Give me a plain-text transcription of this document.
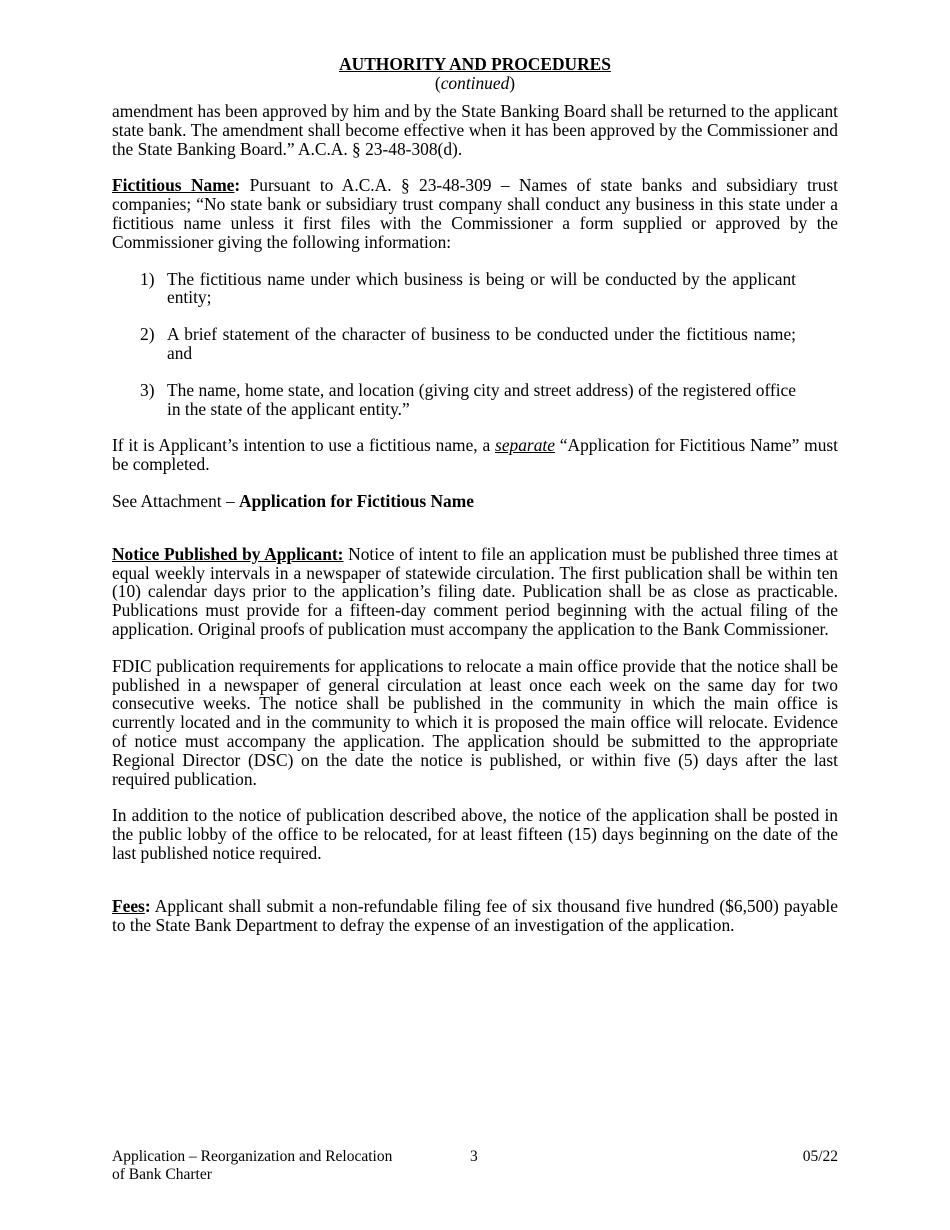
AUTHORITY AND PROCEDURES
(continued)

amendment has been approved by him and by the State Banking Board shall be returned to the applicant state bank. The amendment shall become effective when it has been approved by the Commissioner and the State Banking Board.” A.C.A. § 23-48-308(d).

Fictitious Name: Pursuant to A.C.A. § 23-48-309 – Names of state banks and subsidiary trust companies; “No state bank or subsidiary trust company shall conduct any business in this state under a fictitious name unless it first files with the Commissioner a form supplied or approved by the Commissioner giving the following information:

1) The fictitious name under which business is being or will be conducted by the applicant entity;
2) A brief statement of the character of business to be conducted under the fictitious name; and
3) The name, home state, and location (giving city and street address) of the registered office in the state of the applicant entity.”

If it is Applicant’s intention to use a fictitious name, a separate “Application for Fictitious Name” must be completed.

See Attachment – Application for Fictitious Name

Notice Published by Applicant: Notice of intent to file an application must be published three times at equal weekly intervals in a newspaper of statewide circulation. The first publication shall be within ten (10) calendar days prior to the application’s filing date. Publication shall be as close as practicable. Publications must provide for a fifteen-day comment period beginning with the actual filing of the application. Original proofs of publication must accompany the application to the Bank Commissioner.

FDIC publication requirements for applications to relocate a main office provide that the notice shall be published in a newspaper of general circulation at least once each week on the same day for two consecutive weeks. The notice shall be published in the community in which the main office is currently located and in the community to which it is proposed the main office will relocate. Evidence of notice must accompany the application. The application should be submitted to the appropriate Regional Director (DSC) on the date the notice is published, or within five (5) days after the last required publication.

In addition to the notice of publication described above, the notice of the application shall be posted in the public lobby of the office to be relocated, for at least fifteen (15) days beginning on the date of the last published notice required.

Fees: Applicant shall submit a non-refundable filing fee of six thousand five hundred ($6,500) payable to the State Bank Department to defray the expense of an investigation of the application.

Application – Reorganization and Relocation
of Bank Charter
3	05/22
